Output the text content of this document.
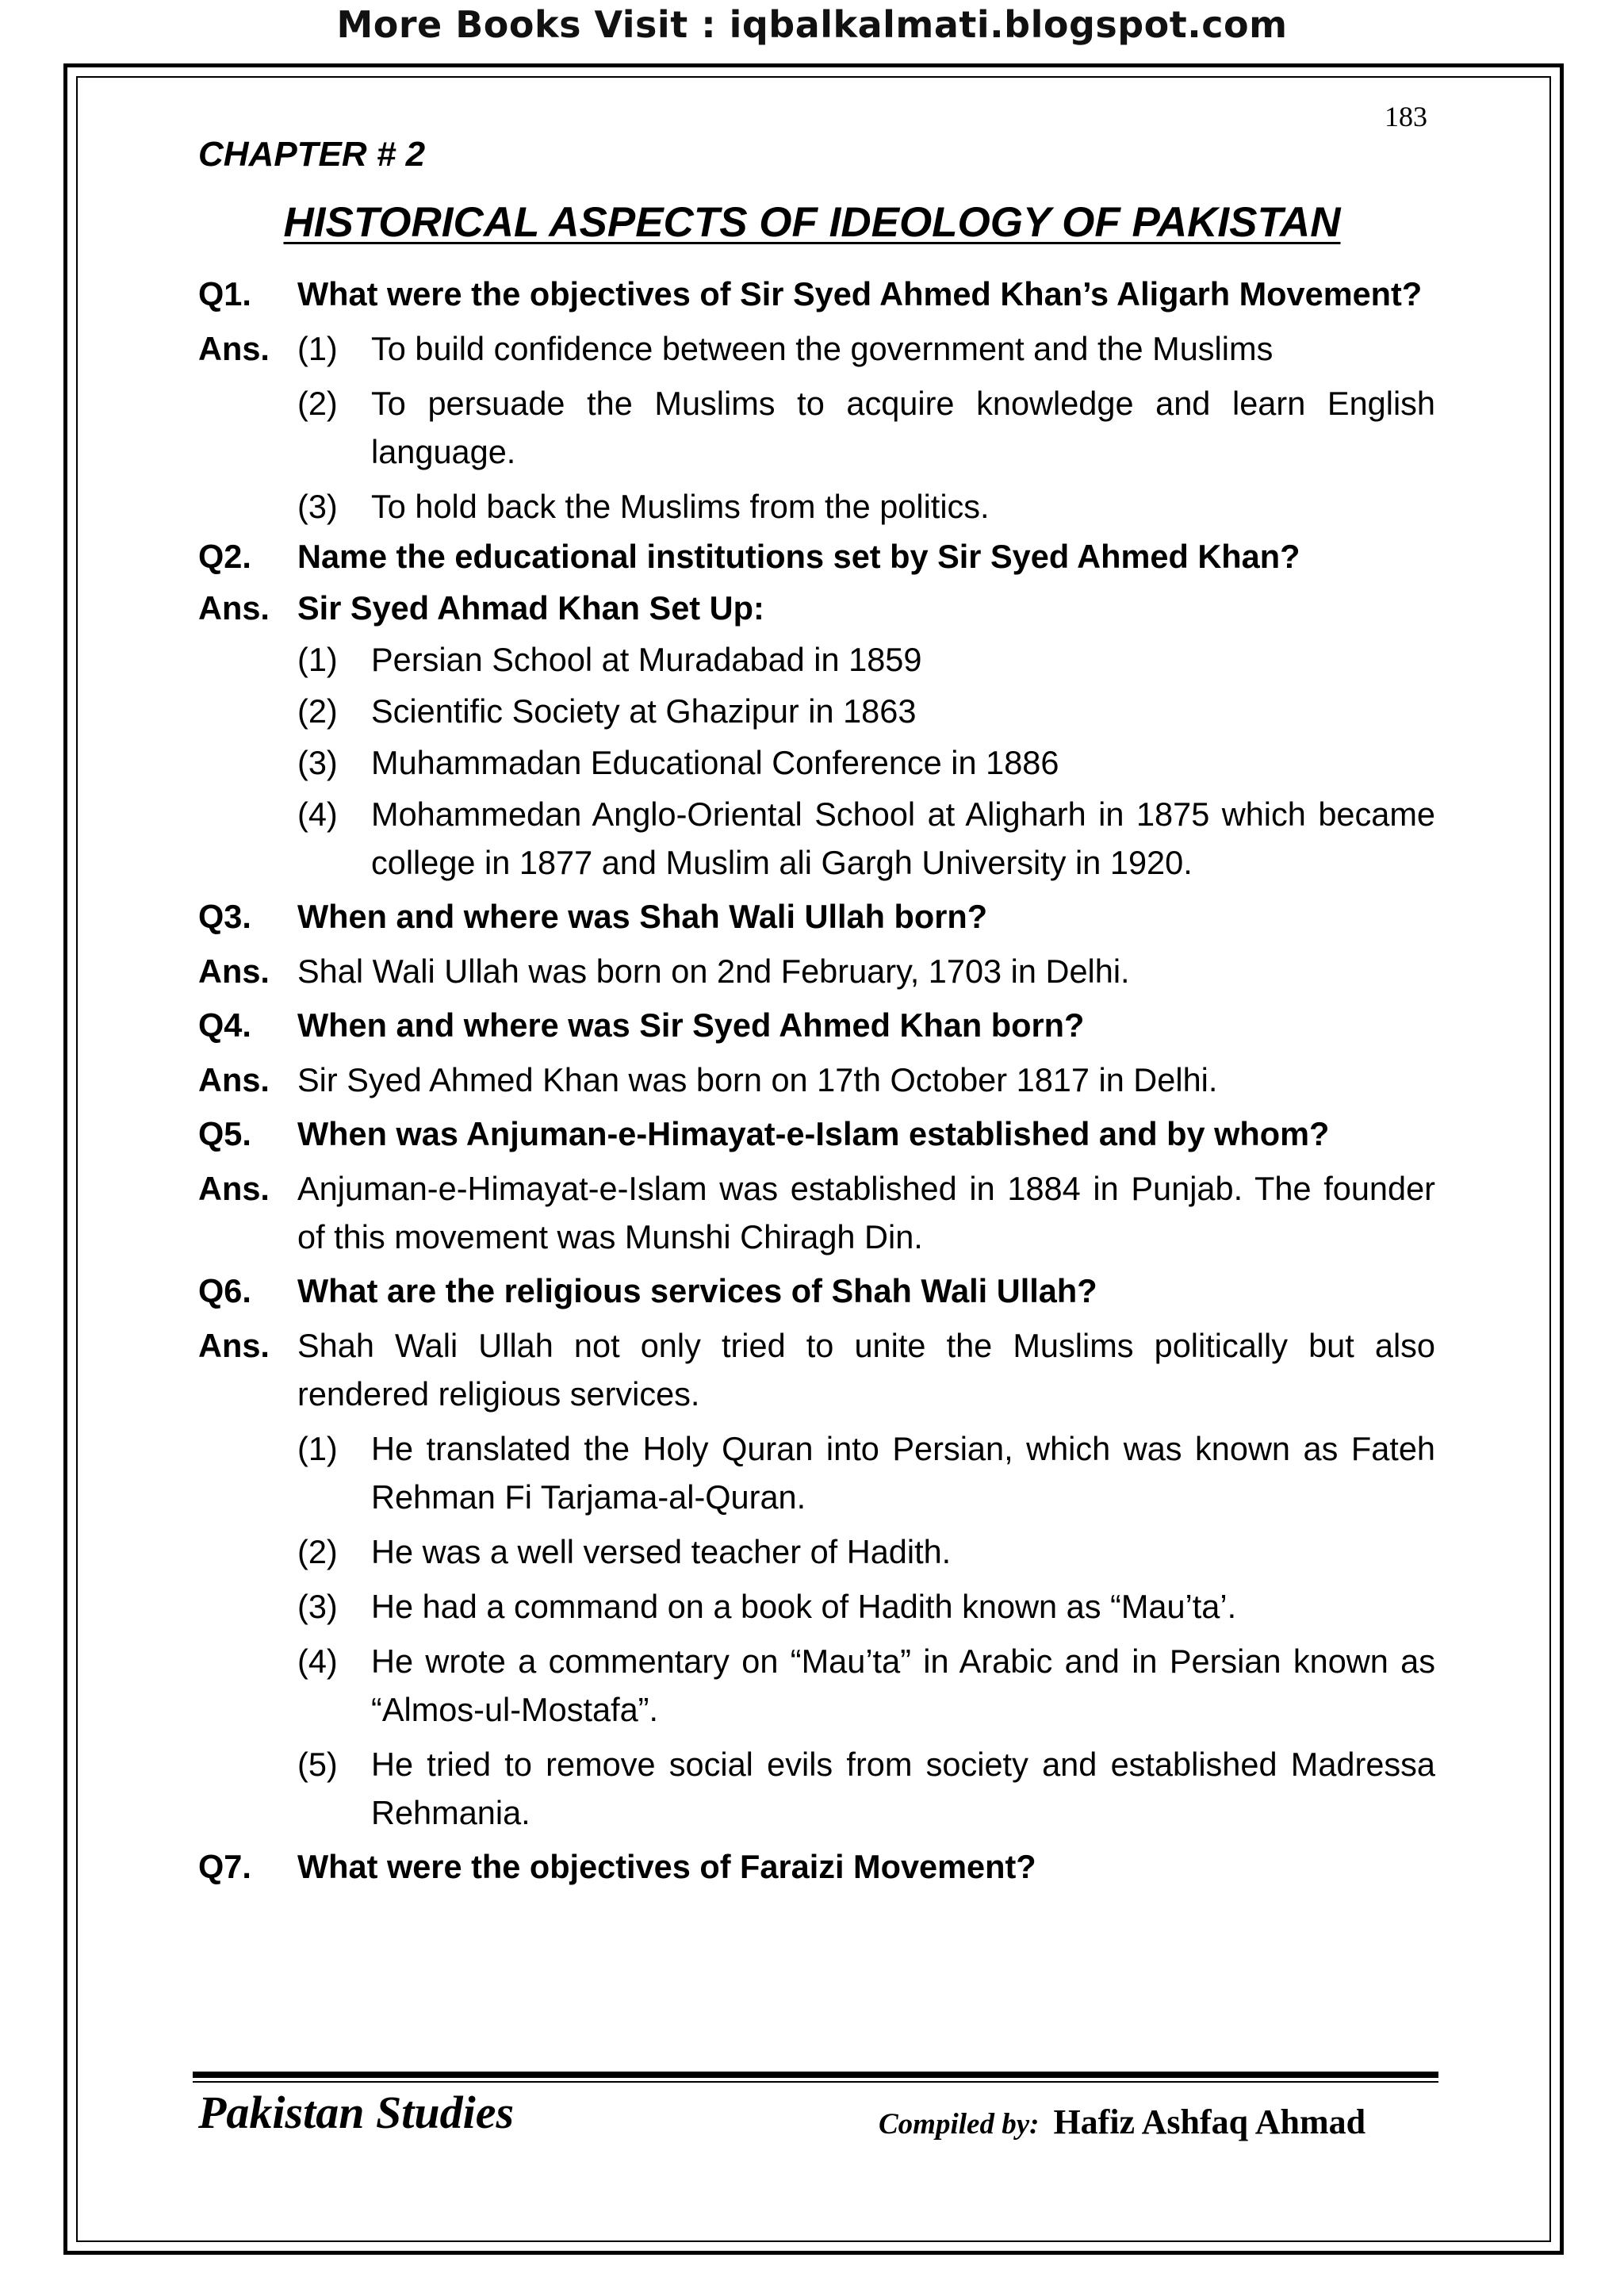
More Books Visit : iqbalkalmati.blogspot.com
183
CHAPTER # 2
HISTORICAL ASPECTS OF IDEOLOGY OF PAKISTAN
Q1.	What were the objectives of Sir Syed Ahmed Khan’s Aligarh Movement?
Ans. (1)	To build confidence between the government and the Muslims
(2)	To persuade the Muslims to acquire knowledge and learn English language.
(3)	To hold back the Muslims from the politics.
Q2.	Name the educational institutions set by Sir Syed Ahmed Khan?
Ans. Sir Syed Ahmad Khan Set Up:
(1)	Persian School at Muradabad in 1859
(2)	Scientific Society at Ghazipur in 1863
(3)	Muhammadan Educational Conference in 1886
(4)	Mohammedan Anglo-Oriental School at Aligharh in 1875 which became college in 1877 and Muslim ali Gargh University in 1920.
Q3.	When and where was Shah Wali Ullah born?
Ans. Shal Wali Ullah was born on 2nd February, 1703 in Delhi.
Q4.	When and where was Sir Syed Ahmed Khan born?
Ans. Sir Syed Ahmed Khan was born on 17th October 1817 in Delhi.
Q5.	When was Anjuman-e-Himayat-e-Islam established and by whom?
Ans. Anjuman-e-Himayat-e-Islam was established in 1884 in Punjab. The founder of this movement was Munshi Chiragh Din.
Q6.	What are the religious services of Shah Wali Ullah?
Ans. Shah Wali Ullah not only tried to unite the Muslims politically but also rendered religious services.
(1)	He translated the Holy Quran into Persian, which was known as Fateh Rehman Fi Tarjama-al-Quran.
(2)	He was a well versed teacher of Hadith.
(3)	He had a command on a book of Hadith known as “Mau’ta’.
(4)	He wrote a commentary on “Mau’ta” in Arabic and in Persian known as “Almos-ul-Mostafa”.
(5)	He tried to remove social evils from society and established Madressa Rehmania.
Q7.	What were the objectives of Faraizi Movement?
Pakistan Studies	Compiled by: Hafiz Ashfaq Ahmad
